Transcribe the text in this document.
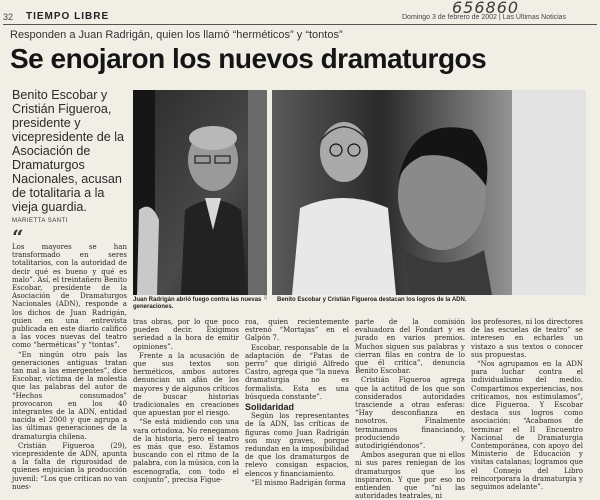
656860
32 TIEMPO LIBRE	Domingo 3 de febrero de 2002 | Las Últimas Noticias
Responden a Juan Radrigán, quien los llamó “herméticos” y “tontos”
Se enojaron los nuevos dramaturgos
Benito Escobar y Cristián Figueroa, presidente y vicepresidente de la Asociación de Dramaturgos Nacionales, acusan de totalitaria a la vieja guardia.
MARIETTA SANTI
JORGE SANCHEZ
Juan Radrigán abrió fuego contra las nuevas generaciones.
Benito Escobar y Cristián Figueroa destacan los logros de la ADN.
“

Los mayores se han transformado en seres totalitarios, con la autoridad de decir qué es bueno y qué es malo”. Así, el treintañero Benito Escobar, presidente de la Asociación de Dramaturgos Nacionales (ADN), responde a los dichos de Juan Radrigán, quien en una entrevista publicada en este diario calificó a las voces nuevas del teatro como “herméticas” y “tontas”.

“En ningún otro país las generaciones antiguas tratan tan mal a las emergentes”, dice Escobar, víctima de la molestia que las palabras del autor de “Hechos consumados” provocaron en los 40 integrantes de la ADN, entidad nacida el 2000 y que agrupa a las últimas generaciones de la dramaturgia chilena.

Cristián Figueroa (29), vicepresidente de ADN, apunta a la falta de rigurosidad de quienes enjuician la producción juvenil: “Los que critican no van nues-

tras obras, por lo que poco pueden decir. Exigimos seriedad a la hora de emitir opiniones”.

Frente a la acusación de que sus textos son herméticos, ambos autores denuncian un afán de los mayores y de algunos críticos de buscar historias tradicionales en creaciones que apuestan por el riesgo.

“Se está midiendo con una vara ortodoxa. No renegamos de la historia, pero el teatro es más que eso. Estamos buscando con el ritmo de la palabra, con la música, con la escenografía, con todo el conjunto”, precisa Figue-

roa, quien recientemente estrenó “Mortajas” en el Galpón 7.

Escobar, responsable de la adaptación de “Patas de perro” que dirigió Alfredo Castro, agrega que “la nueva dramaturgia no es formalista. Esta es una búsqueda constante”.

Solidaridad

Según los representantes de la ADN, las críticas de figuras como Juan Radrigán son muy graves, porque redundan en la imposibilidad de que los dramaturgos de relevo consigan espacios, elencos y financiamiento.

“El mismo Radrigán forma

parte de la comisión evaluadora del Fondart y es jurado en varios premios. Muchos siguen sus palabras y cierran filas en contra de lo que él critica”, denuncia Benito Escobar.

Cristián Figueroa agrega que la actitud de los que son considerados autoridades trasciende a otras esferas: “Hay desconfianza en nosotros. Finalmente terminamos financiando, produciendo y autodirigiéndonos”.

Ambos aseguran que ni ellos ni sus pares reniegan de los dramaturgos que los inspiraron. Y que por eso no entienden que “ni las autoridades teatrales, ni

los profesores, ni los directores de las escuelas de teatro” se interesen en echarles un vistazo a sus textos o conocer sus propuestas.

“Nos agrupamos en la ADN para luchar contra el individualismo del medio. Compartimos experiencias, nos criticamos, nos estimulamos”, dice Figueroa. Y Escobar destaca sus logros como asociación: “Acabamos de terminar el II Encuentro Nacional de Dramaturgia Contemporánea, con apoyo del Ministerio de Educación y visitas catalanas; logramos que el Consejo del Libro reincorporara la dramaturgia y seguimos adelante”.
